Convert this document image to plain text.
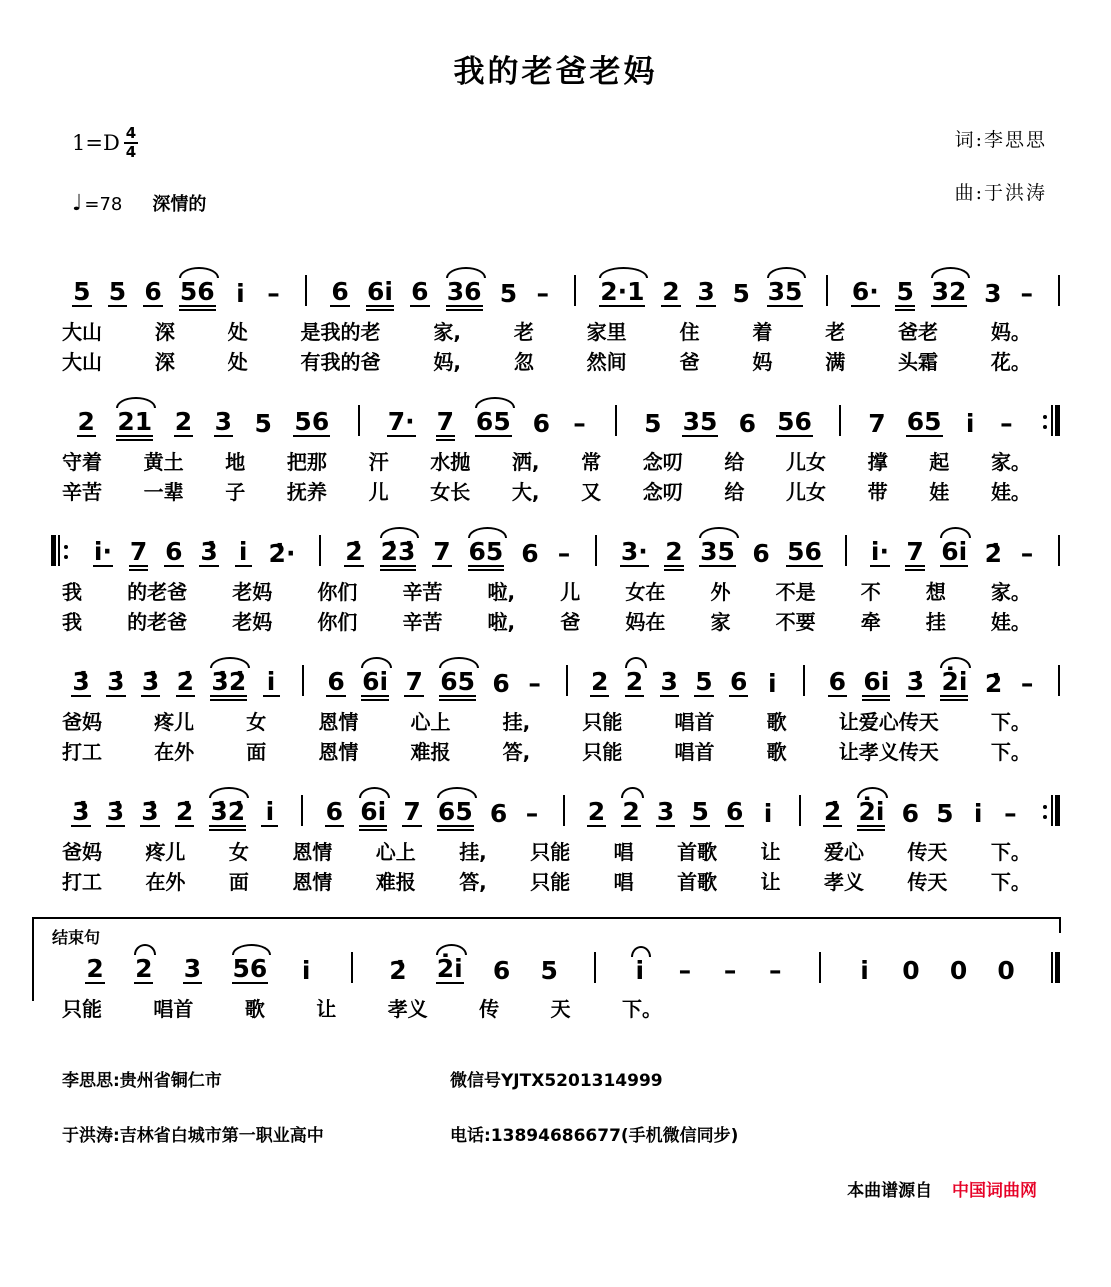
我的老爸老妈
1=D 4
4
♩ =78 深情的
词:李思思
曲:于洪涛
5 5 6 56 i – 6 6i 6 36 5 – 2·1 2 3 5 35 6· 5 32 3 –
大山	深	处	是我的老	家,	老	家里	住	着	老	爸老	妈。
大山	深	处	有我的爸	妈,	忽	然间	爸	妈	满	头霜	花。
2 21 2 3 5 56 7· 7 65 6 – 5 35 6 56 7 65 i –
守着 黄土 地 把那 汗 水抛 洒, 常 念叨 给 儿女 撑 起 家。
辛苦 一辈 子 抚养 儿 女长 大, 又 念叨 给 儿女 带 娃 娃。
i· 7 6 3̇ i 2̇· 2̇ 2̇3̇ 7 65 6 – 3· 2 35 6 56 i· 7 6i 2̇ –
我 的老爸 老妈 你们 辛苦 啦, 儿 女在 外 不是 不 想 家。
我 的老爸 老妈 你们 辛苦 啦, 爸 妈在 家 不要 牵 挂 娃。
3̇ 3̇ 3̇ 2̇ 3̇2̇ i 6 6i 7 65 6 – 2 2 3 5 6 i 6 6i 3̇ 2̇i 2̇ –
爸妈	疼儿	女	恩情	心上	挂,	只能	唱首	歌	让爱心传天	下。
打工	在外	面	恩情	难报	答,	只能	唱首	歌	让孝义传天	下。
3̇ 3̇ 3̇ 2̇ 3̇2̇ i 6 6i 7 65 6 – 2 2 3 5 6 i 2̇ 2̇i 6 5 i –
爸妈 疼儿 女 恩情 心上 挂, 只能 唱 首歌 让 爱心 传天 下。
打工 在外 面 恩情 难报 答, 只能 唱 首歌 让 孝义 传天 下。
结束句
2 2 3 56 i	2̇ 2̇i 6 5	i – – –	i 0 0 0
只能	唱首	歌	让	孝义	传	天	下。
李思思:贵州省铜仁市	微信号YJTX5201314999
于洪涛:吉林省白城市第一职业高中	电话:13894686677(手机微信同步)
本曲谱源自 中国词曲网
